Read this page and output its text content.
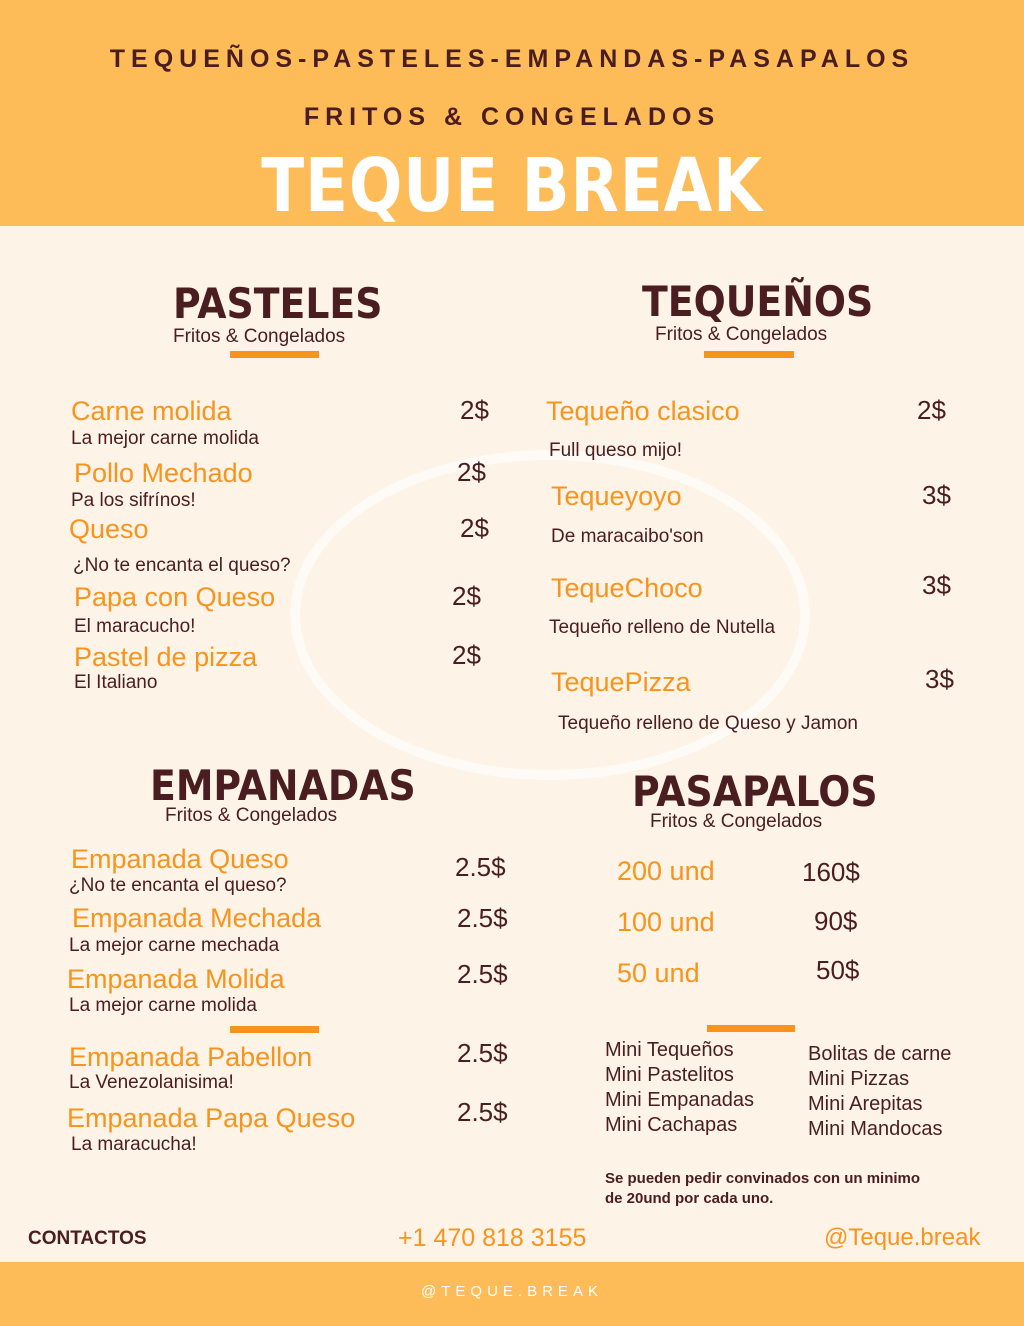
TEQUEÑOS-PASTELES-EMPANDAS-PASAPALOS
FRITOS & CONGELADOS
TEQUE BREAK
PASTELES
Fritos & Congelados
Carne molida
La mejor carne molida
2$
Pollo Mechado
Pa los sifrínos!
2$
Queso
¿No te encanta el queso?
2$
Papa con Queso
El maracucho!
2$
Pastel de pizza
El Italiano
2$
TEQUEÑOS
Fritos & Congelados
Tequeño clasico
Full queso mijo!
2$
Tequeyoyo
De maracaibo'son
3$
TequeChoco
Tequeño relleno de Nutella
3$
TequePizza
Tequeño relleno de Queso y Jamon
3$
EMPANADAS
Fritos & Congelados
Empanada Queso
¿No te encanta el queso?
2.5$
Empanada Mechada
La mejor carne mechada
2.5$
Empanada Molida
La mejor carne molida
2.5$
Empanada Pabellon
La Venezolanisima!
2.5$
Empanada Papa Queso
La maracucha!
2.5$
PASAPALOS
Fritos & Congelados
200 und	160$
100 und	90$
50 und	50$
Mini Tequeños
Mini Pastelitos
Mini Empanadas
Mini Cachapas
Bolitas de carne
Mini Pizzas
Mini Arepitas
Mini Mandocas
Se pueden pedir convinados con un minimo
de 20und por cada uno.
CONTACTOS	+1 470 818 3155	@Teque.break
@TEQUE.BREAK
